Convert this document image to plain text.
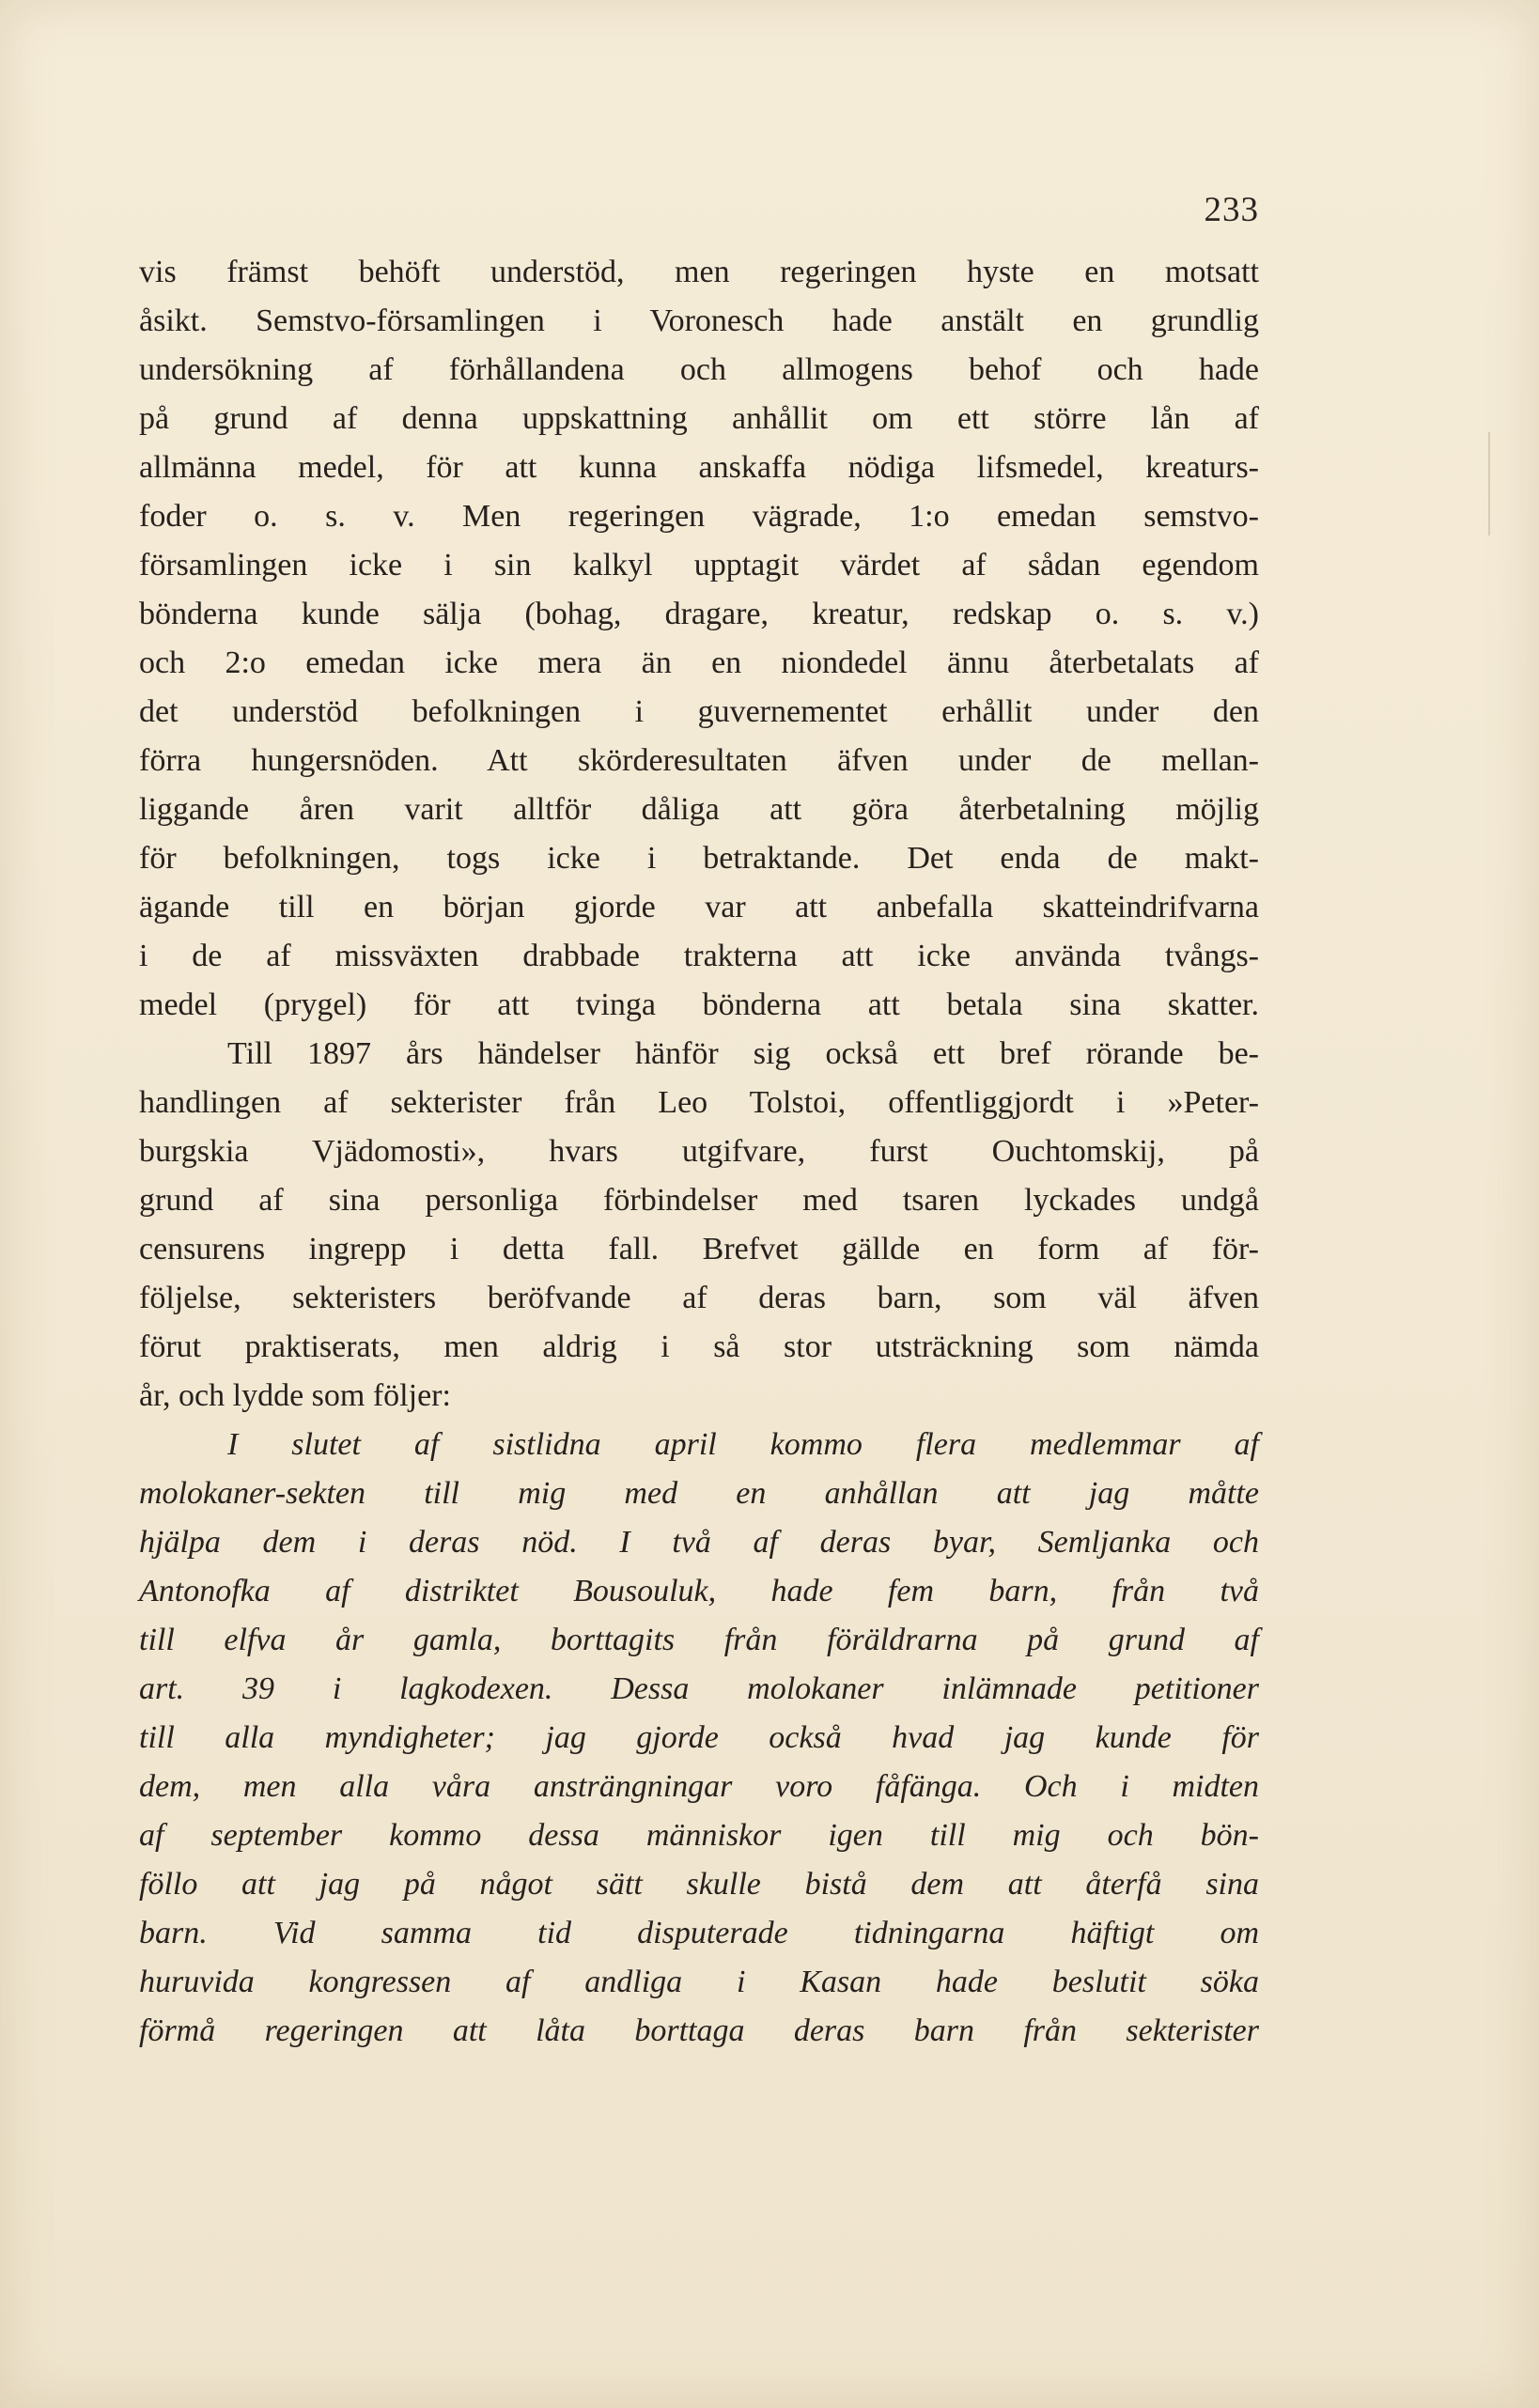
233
vis främst behöft understöd, men regeringen hyste en motsatt
åsikt. Semstvo-församlingen i Voronesch hade anstält en grundlig
undersökning af förhållandena och allmogens behof och hade
på grund af denna uppskattning anhållit om ett större lån af
allmänna medel, för att kunna anskaffa nödiga lifsmedel, kreaturs-
foder o. s. v. Men regeringen vägrade, 1:o emedan semstvo-
församlingen icke i sin kalkyl upptagit värdet af sådan egendom
bönderna kunde sälja (bohag, dragare, kreatur, redskap o. s. v.)
och 2:o emedan icke mera än en niondedel ännu återbetalats af
det understöd befolkningen i guvernementet erhållit under den
förra hungersnöden. Att skörderesultaten äfven under de mellan-
liggande åren varit alltför dåliga att göra återbetalning möjlig
för befolkningen, togs icke i betraktande. Det enda de makt-
ägande till en början gjorde var att anbefalla skatteindrifvarna
i de af missväxten drabbade trakterna att icke använda tvångs-
medel (prygel) för att tvinga bönderna att betala sina skatter.
Till 1897 års händelser hänför sig också ett bref rörande be-
handlingen af sekterister från Leo Tolstoi, offentliggjordt i »Peter-
burgskia Vjädomosti», hvars utgifvare, furst Ouchtomskij, på
grund af sina personliga förbindelser med tsaren lyckades undgå
censurens ingrepp i detta fall. Brefvet gällde en form af för-
följelse, sekteristers beröfvande af deras barn, som väl äfven
förut praktiserats, men aldrig i så stor utsträckning som nämda
år, och lydde som följer:
I slutet af sistlidna april kommo flera medlemmar af
molokaner-sekten till mig med en anhållan att jag måtte
hjälpa dem i deras nöd. I två af deras byar, Semljanka och
Antonofka af distriktet Bousouluk, hade fem barn, från två
till elfva år gamla, borttagits från föräldrarna på grund af
art. 39 i lagkodexen. Dessa molokaner inlämnade petitioner
till alla myndigheter; jag gjorde också hvad jag kunde för
dem, men alla våra ansträngningar voro fåfänga. Och i midten
af september kommo dessa människor igen till mig och bön-
föllo att jag på något sätt skulle bistå dem att återfå sina
barn. Vid samma tid disputerade tidningarna häftigt om
huruvida kongressen af andliga i Kasan hade beslutit söka
förmå regeringen att låta borttaga deras barn från sekterister
